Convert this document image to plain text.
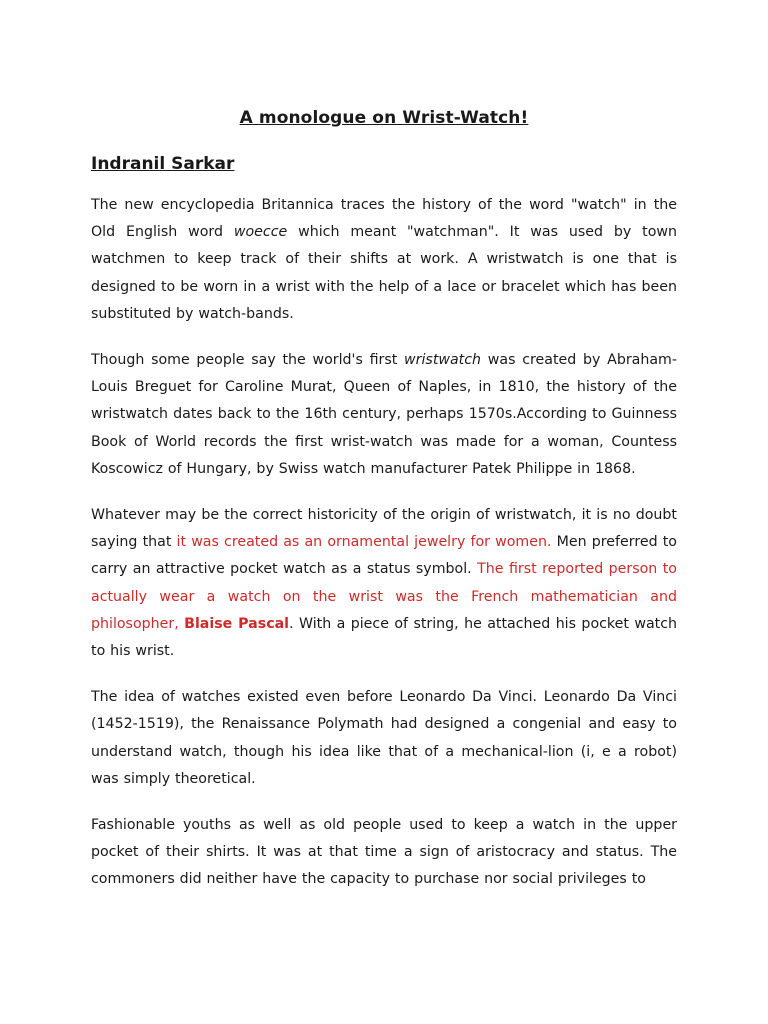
A monologue on Wrist-Watch!
Indranil Sarkar

The new encyclopedia Britannica traces the history of the word "watch" in the Old English word woecce which meant "watchman". It was used by town watchmen to keep track of their shifts at work. A wristwatch is one that is designed to be worn in a wrist with the help of a lace or bracelet which has been substituted by watch-bands.

Though some people say the world's first wristwatch was created by Abraham-Louis Breguet for Caroline Murat, Queen of Naples, in 1810, the history of the wristwatch dates back to the 16th century, perhaps 1570s.According to Guinness Book of World records the first wrist-watch was made for a woman, Countess Koscowicz of Hungary, by Swiss watch manufacturer Patek Philippe in 1868.

Whatever may be the correct historicity of the origin of wristwatch, it is no doubt saying that it was created as an ornamental jewelry for women. Men preferred to carry an attractive pocket watch as a status symbol. The first reported person to actually wear a watch on the wrist was the French mathematician and philosopher, Blaise Pascal. With a piece of string, he attached his pocket watch to his wrist.

The idea of watches existed even before Leonardo Da Vinci. Leonardo Da Vinci (1452-1519), the Renaissance Polymath had designed a congenial and easy to understand watch, though his idea like that of a mechanical-lion (i, e a robot) was simply theoretical.

Fashionable youths as well as old people used to keep a watch in the upper pocket of their shirts. It was at that time a sign of aristocracy and status. The commoners did neither have the capacity to purchase nor social privileges to
